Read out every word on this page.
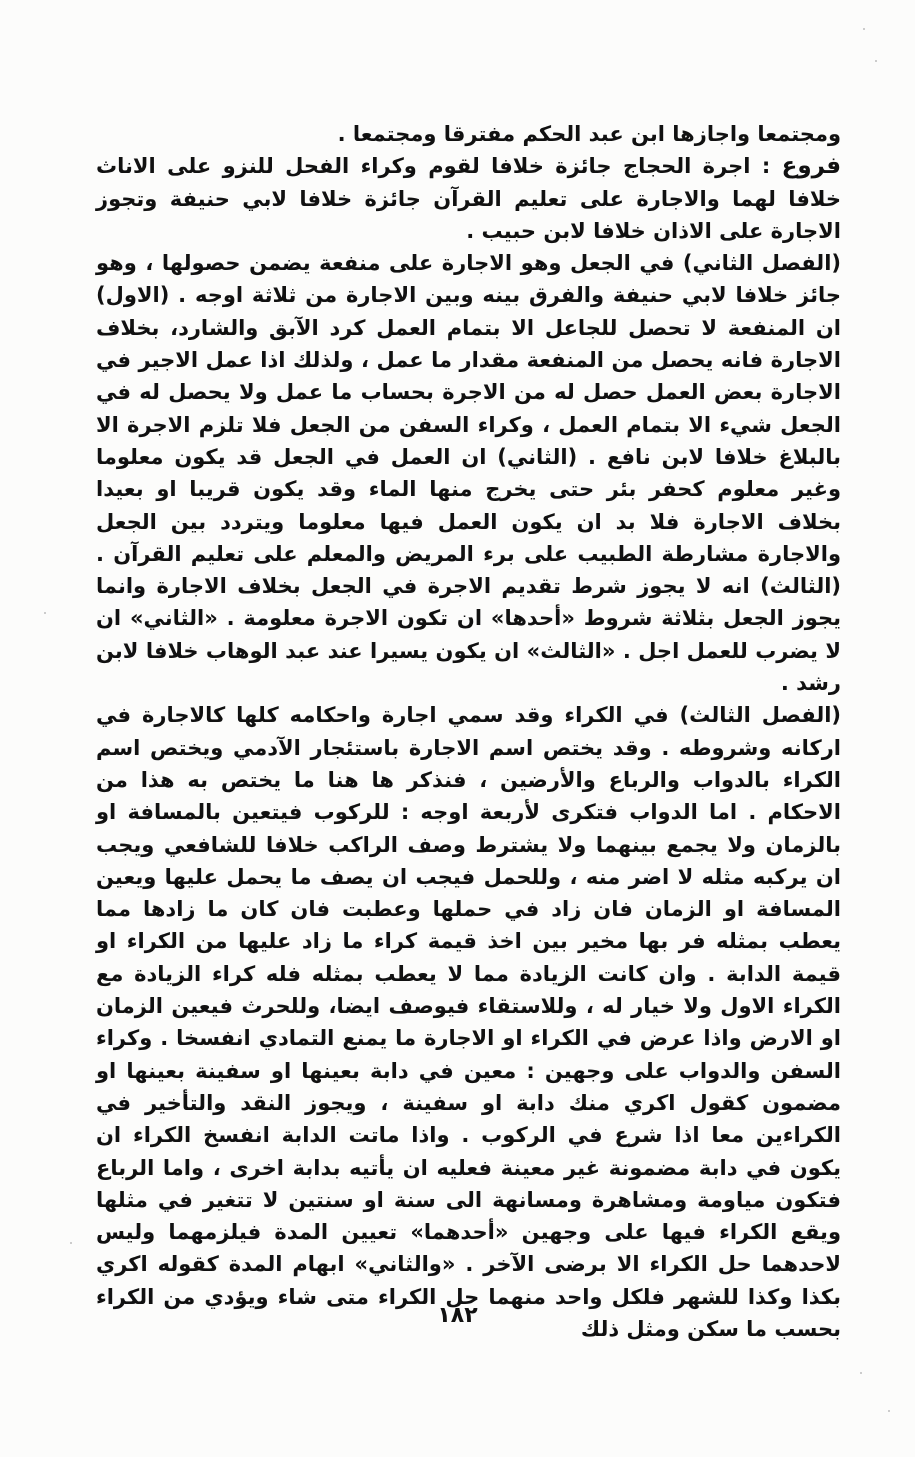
ومجتمعا واجازها ابن عبد الحكم مفترقا ومجتمعا .

فروع : اجرة الحجاج جائزة خلافا لقوم وكراء الفحل للنزو على الاناث خلافا لهما والاجارة على تعليم القرآن جائزة خلافا لابي حنيفة وتجوز الاجارة على الاذان خلافا لابن حبيب .

(الفصل الثاني) في الجعل وهو الاجارة على منفعة يضمن حصولها ، وهو جائز خلافا لابي حنيفة والفرق بينه وبين الاجارة من ثلاثة اوجه . (الاول) ان المنفعة لا تحصل للجاعل الا بتمام العمل كرد الآبق والشارد، بخلاف الاجارة فانه يحصل من المنفعة مقدار ما عمل ، ولذلك اذا عمل الاجير في الاجارة بعض العمل حصل له من الاجرة بحساب ما عمل ولا يحصل له في الجعل شيء الا بتمام العمل ، وكراء السفن من الجعل فلا تلزم الاجرة الا بالبلاغ خلافا لابن نافع . (الثاني) ان العمل في الجعل قد يكون معلوما وغير معلوم كحفر بئر حتى يخرج منها الماء وقد يكون قريبا او بعيدا بخلاف الاجارة فلا بد ان يكون العمل فيها معلوما ويتردد بين الجعل والاجارة مشارطة الطبيب على برء المريض والمعلم على تعليم القرآن . (الثالث) انه لا يجوز شرط تقديم الاجرة في الجعل بخلاف الاجارة وانما يجوز الجعل بثلاثة شروط «أحدها» ان تكون الاجرة معلومة . «الثاني» ان لا يضرب للعمل اجل . «الثالث» ان يكون يسيرا عند عبد الوهاب خلافا لابن رشد .

(الفصل الثالث) في الكراء وقد سمي اجارة واحكامه كلها كالاجارة في اركانه وشروطه . وقد يختص اسم الاجارة باستئجار الآدمي ويختص اسم الكراء بالدواب والرباع والأرضين ، فنذكر ها هنا ما يختص به هذا من الاحكام . اما الدواب فتكرى لأربعة اوجه : للركوب فيتعين بالمسافة او بالزمان ولا يجمع بينهما ولا يشترط وصف الراكب خلافا للشافعي ويجب ان يركبه مثله لا اضر منه ، وللحمل فيجب ان يصف ما يحمل عليها ويعين المسافة او الزمان فان زاد في حملها وعطبت فان كان ما زادها مما يعطب بمثله فر بها مخير بين اخذ قيمة كراء ما زاد عليها من الكراء او قيمة الدابة . وان كانت الزيادة مما لا يعطب بمثله فله كراء الزيادة مع الكراء الاول ولا خيار له ، وللاستقاء فيوصف ايضا، وللحرث فيعين الزمان او الارض واذا عرض في الكراء او الاجارة ما يمنع التمادي انفسخا . وكراء السفن والدواب على وجهين : معين في دابة بعينها او سفينة بعينها او مضمون كقول اكري منك دابة او سفينة ، ويجوز النقد والتأخير في الكراءين معا اذا شرع في الركوب . واذا ماتت الدابة انفسخ الكراء ان يكون في دابة مضمونة غير معينة فعليه ان يأتيه بدابة اخرى ، واما الرباع فتكون مياومة ومشاهرة ومسانهة الى سنة او سنتين لا تتغير في مثلها ويقع الكراء فيها على وجهين «أحدهما» تعيين المدة فيلزمهما وليس لاحدهما حل الكراء الا برضى الآخر . «والثاني» ابهام المدة كقوله اكري بكذا وكذا للشهر فلكل واحد منهما حل الكراء متى شاء ويؤدي من الكراء بحسب ما سكن ومثل ذلك

١٨٢
